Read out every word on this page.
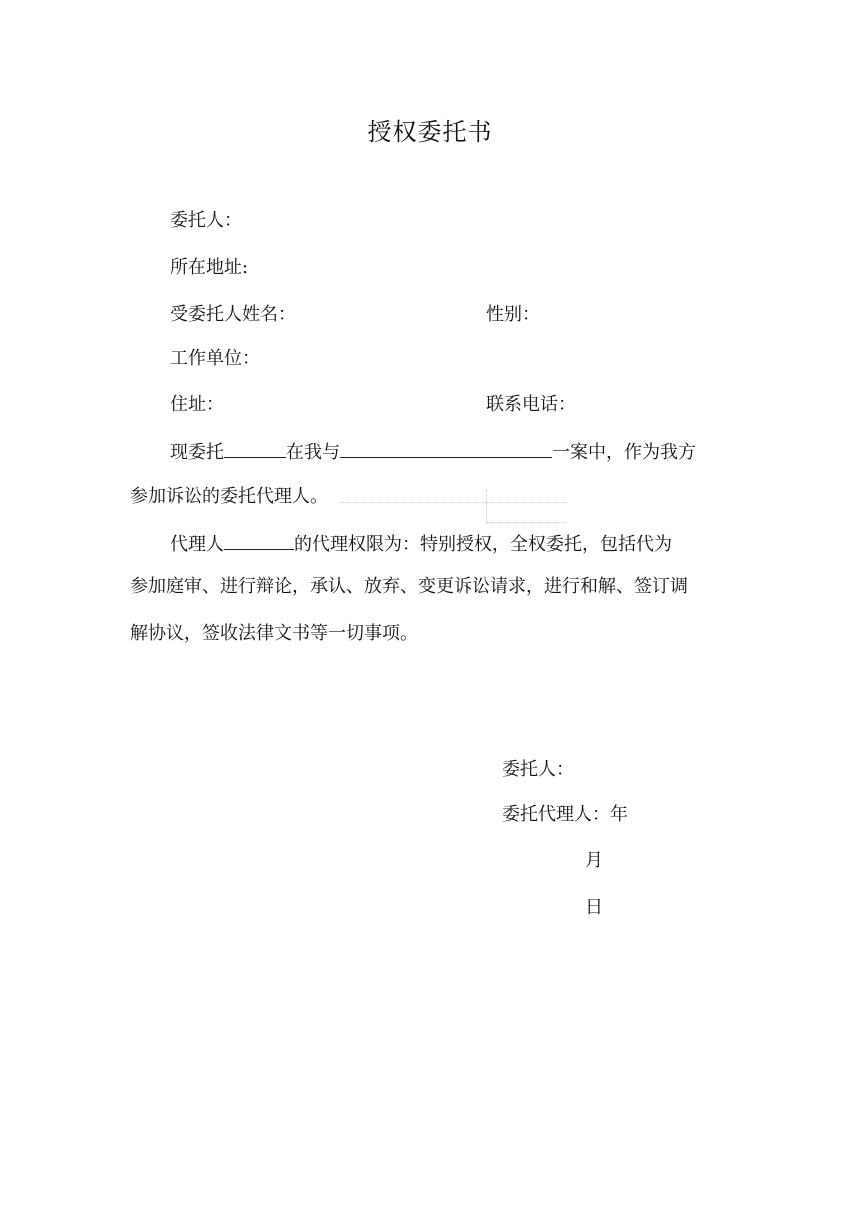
授权委托书
委托人：
所在地址:
受委托人姓名：	性别：
工作单位：
住址：	联系电话：
现委托	在我与	一案中，作为我方
参加诉讼的委托代理人。
代理人	的代理权限为：特别授权，全权委托，包括代为
参加庭审、进行辩论，承认、放弃、变更诉讼请求，进行和解、签订调
解协议，签收法律文书等一切事项。
委托人：
委托代理人：年
月
日
